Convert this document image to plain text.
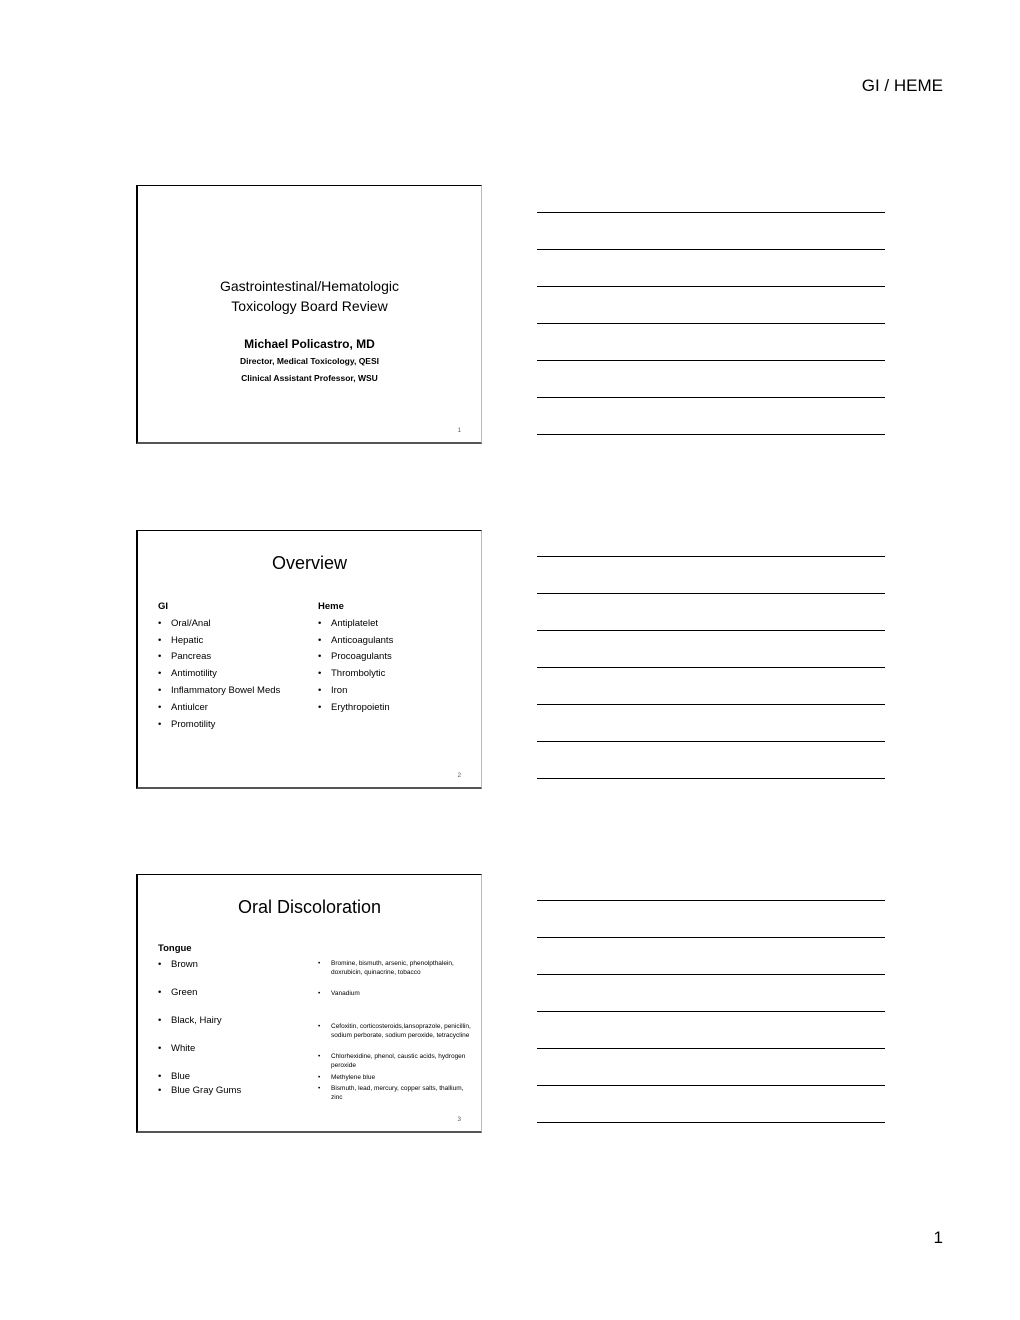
GI / HEME
Gastrointestinal/Hematologic
Toxicology Board Review
Michael Policastro, MD
Director, Medical Toxicology, QESI
Clinical Assistant Professor, WSU
1
Overview
GI
• Oral/Anal
• Hepatic
• Pancreas
• Antimotility
• Inflammatory Bowel Meds
• Antiulcer
• Promotility
Heme
• Antiplatelet
• Anticoagulants
• Procoagulants
• Thrombolytic
• Iron
• Erythropoietin
2
Oral Discoloration
Tongue
• Brown
• Green
• Black, Hairy
• White
• Blue
• Blue Gray Gums
• Bromine, bismuth, arsenic, phenolpthalein, doxrubicin, quinacrine, tobacco
• Vanadium
• Cefoxitin, corticosteroids,lansoprazole, penicillin, sodium perborate, sodium peroxide, tetracycline
• Chlorhexidine, phenol, caustic acids, hydrogen peroxide
• Methylene blue
• Bismuth, lead, mercury, copper salts, thallium, zinc
3
1
